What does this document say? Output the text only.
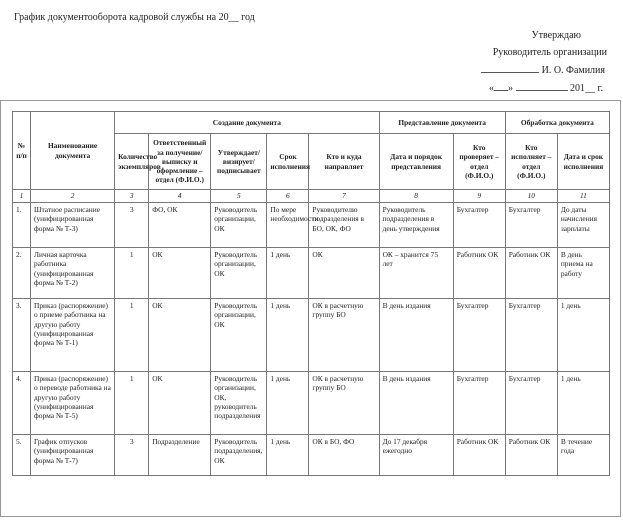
График документооборота кадровой службы на 20__ год
Утверждаю
Руководитель организации
И. О. Фамилия
« »	201__ г.
№ п/п	Наименование документа	Создание документа					Представление документа		Обработка документа	
		Количество экземпляров	Ответственный за получение/выписку и оформление – отдел (Ф.И.О.)	Утверждает/визирует/подписывает	Срок исполнения	Кто и куда направляет	Дата и порядок представления	Кто проверяет – отдел (Ф.И.О.)	Кто исполняет – отдел (Ф.И.О.)	Дата и срок исполнения
1	2	3	4	5	6	7	8	9	10	11
1.	Штатное расписание (унифицированная форма № Т-3)	3	ФО, ОК	Руководитель организации, ОК	По мере необходимости	Руководителю подразделения в БО, ОК, ФО	Руководитель подразделения в день утверждения	Бухгалтер	Бухгалтер	До даты начисления зарплаты
2.	Личная карточка работника (унифицированная форма № Т-2)	1	ОК	Руководитель организации, ОК	1 день	ОК	ОК – хранится 75 лет	Работник ОК	Работник ОК	В день приема на работу
3.	Приказ (распоряжение) о приеме работника на другую работу (унифицированная форма № Т-1)	1	ОК	Руководитель организации, ОК	1 день	ОК в расчетную группу БО	В день издания	Бухгалтер	Бухгалтер	1 день
4.	Приказ (распоряжение) о переводе работника на другую работу (унифицированная форма № Т-5)	1	ОК	Руководитель организации, ОК, руководитель подразделения	1 день	ОК в расчетную группу БО	В день издания	Бухгалтер	Бухгалтер	1 день
5.	График отпусков (унифицированная форма № Т-7)	3	Подразделение	Руководитель подразделения, ОК	1 день	ОК в БО, ФО	До 17 декабря ежегодно	Работник ОК	Работник ОК	В течение года
